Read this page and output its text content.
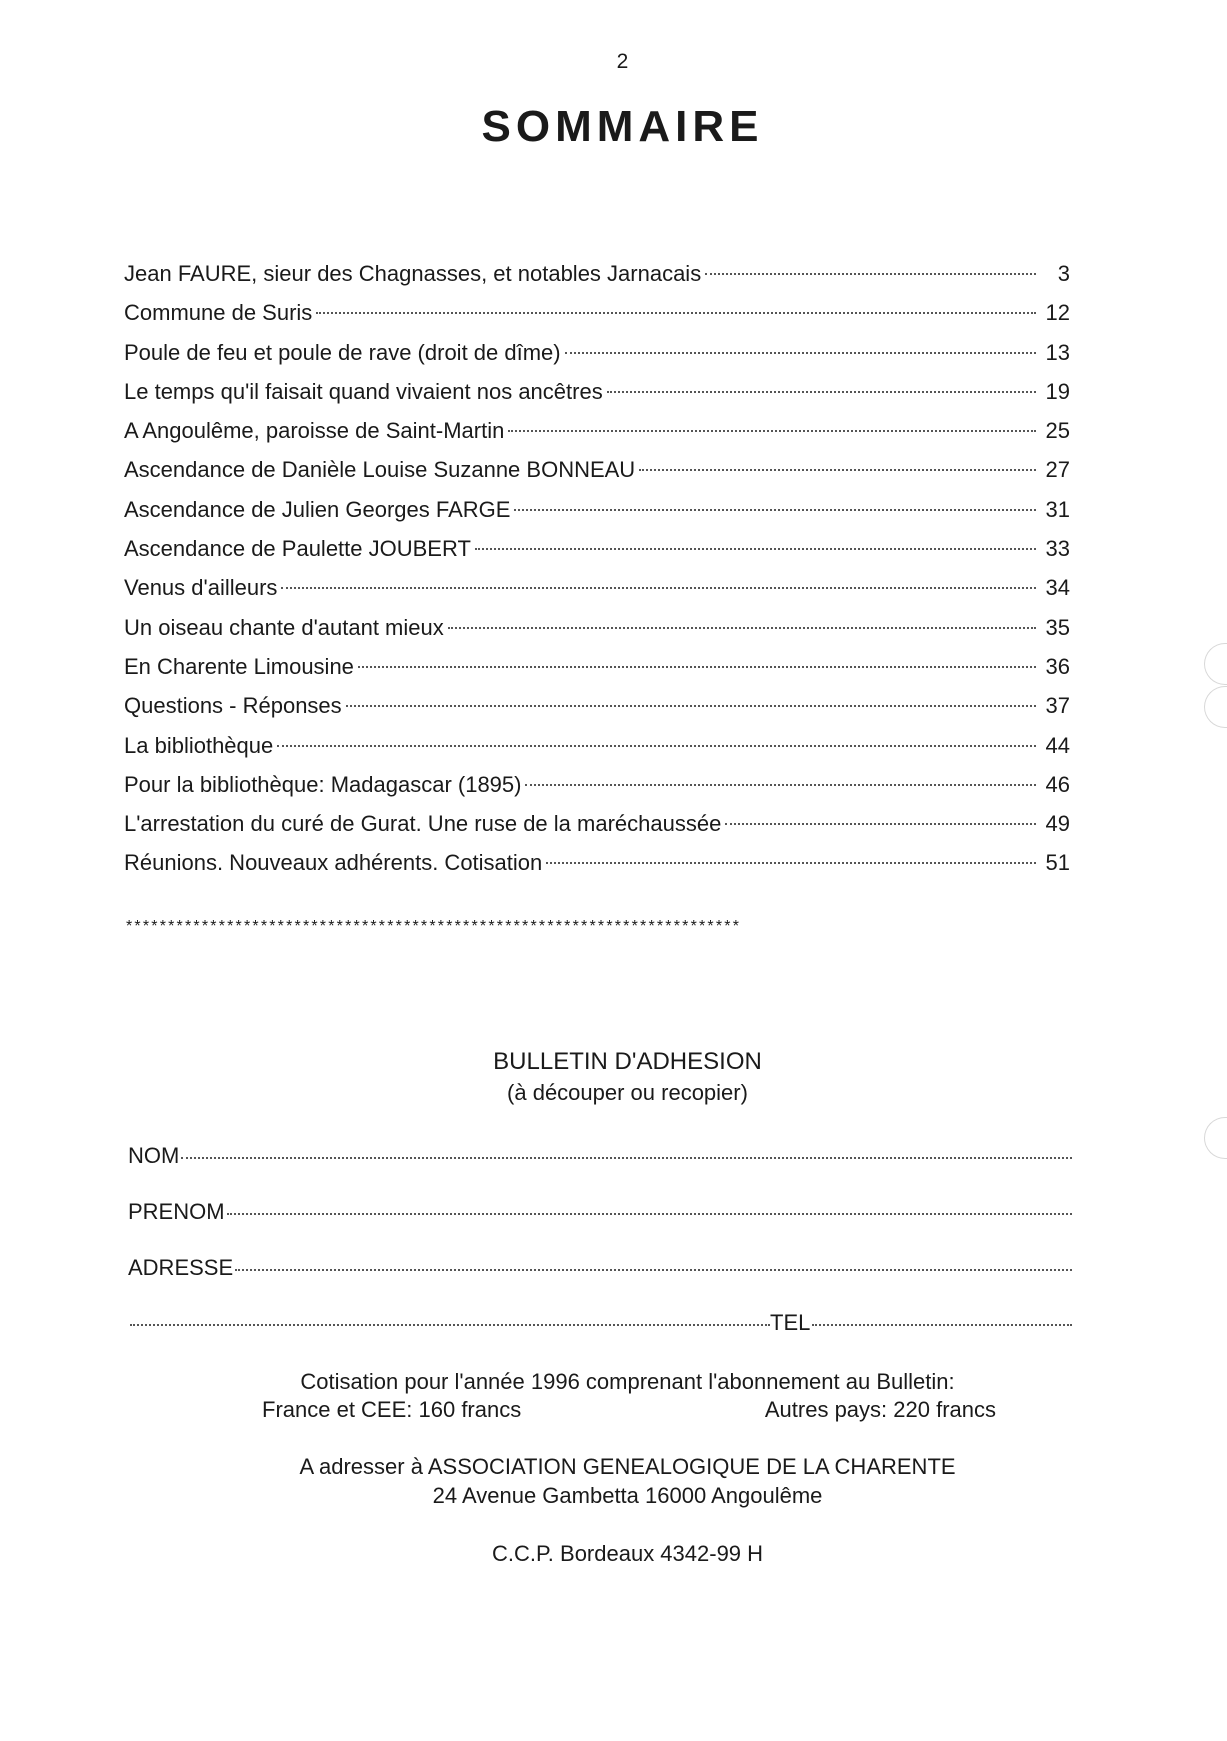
2
SOMMAIRE
Jean FAURE, sieur des Chagnasses, et notables Jarnacais	3
Commune de Suris	12
Poule de feu et poule de rave (droit de dîme)	13
Le temps qu'il faisait quand vivaient nos ancêtres	19
A Angoulême, paroisse de Saint-Martin	25
Ascendance de Danièle Louise Suzanne BONNEAU	27
Ascendance de Julien Georges FARGE	31
Ascendance de Paulette JOUBERT	33
Venus d'ailleurs	34
Un oiseau chante d'autant mieux	35
En Charente Limousine	36
Questions - Réponses	37
La bibliothèque	44
Pour la bibliothèque: Madagascar (1895)	46
L'arrestation du curé de Gurat. Une ruse de la maréchaussée	49
Réunions. Nouveaux adhérents. Cotisation	51
*************************************************************************
BULLETIN D'ADHESION
(à découper ou recopier)
NOM
PRENOM
ADRESSE
TEL
Cotisation pour l'année 1996 comprenant l'abonnement au Bulletin:
France et CEE: 160 francs	Autres pays: 220 francs
A adresser à ASSOCIATION GENEALOGIQUE DE LA CHARENTE
24 Avenue Gambetta 16000 Angoulême
C.C.P. Bordeaux 4342-99 H
